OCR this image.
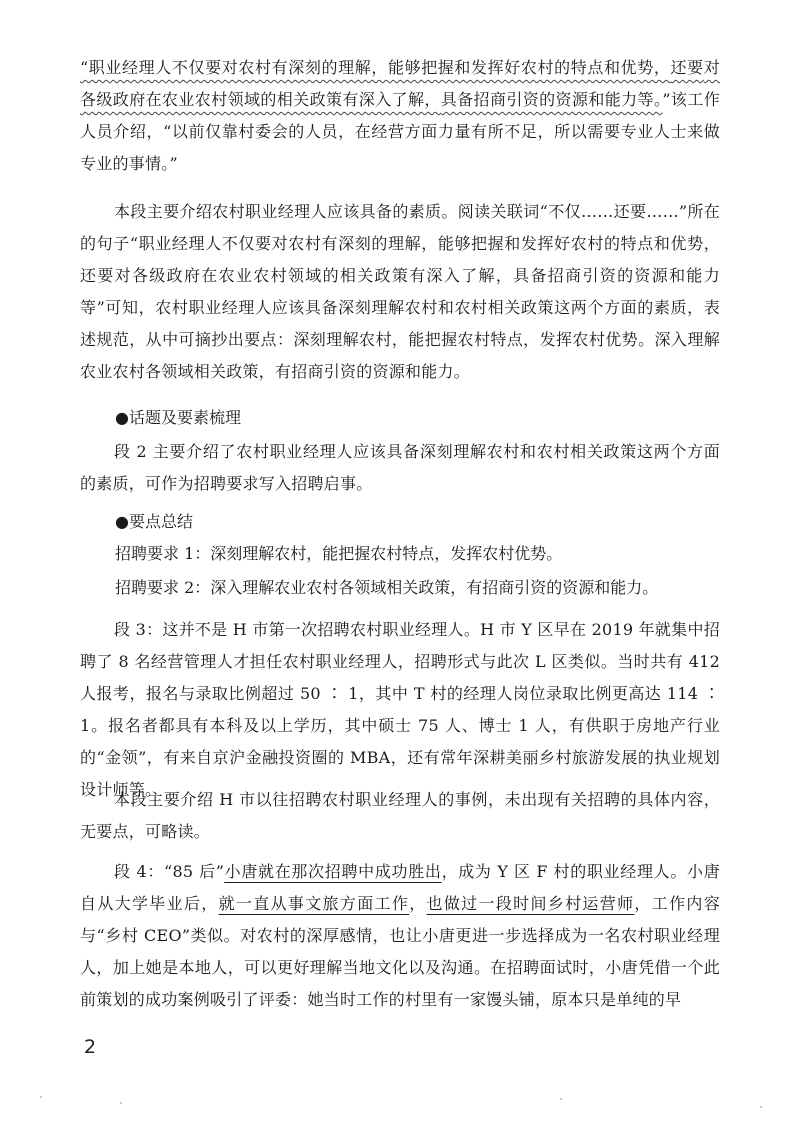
“职业经理人不仅要对农村有深刻的理解，能够把握和发挥好农村的特点和优势，还要对各级政府在农业农村领域的相关政策有深入了解，具备招商引资的资源和能力等。”该工作人员介绍，“以前仅靠村委会的人员，在经营方面力量有所不足，所以需要专业人士来做专业的事情。”

本段主要介绍农村职业经理人应该具备的素质。阅读关联词“不仅……还要……”所在的句子“职业经理人不仅要对农村有深刻的理解，能够把握和发挥好农村的特点和优势，还要对各级政府在农业农村领域的相关政策有深入了解，具备招商引资的资源和能力等”可知，农村职业经理人应该具备深刻理解农村和农村相关政策这两个方面的素质，表述规范，从中可摘抄出要点：深刻理解农村，能把握农村特点，发挥农村优势。深入理解农业农村各领域相关政策，有招商引资的资源和能力。

●话题及要素梳理

段 2 主要介绍了农村职业经理人应该具备深刻理解农村和农村相关政策这两个方面的素质，可作为招聘要求写入招聘启事。

●要点总结

招聘要求 1：深刻理解农村，能把握农村特点，发挥农村优势。

招聘要求 2：深入理解农业农村各领域相关政策，有招商引资的资源和能力。

段 3：这并不是 H 市第一次招聘农村职业经理人。H 市 Y 区早在 2019 年就集中招聘了 8 名经营管理人才担任农村职业经理人，招聘形式与此次 L 区类似。当时共有 412 人报考，报名与录取比例超过 50 ∶ 1，其中 T 村的经理人岗位录取比例更高达 114 ∶ 1。报名者都具有本科及以上学历，其中硕士 75 人、博士 1 人，有供职于房地产行业的“金领”，有来自京沪金融投资圈的 MBA，还有常年深耕美丽乡村旅游发展的执业规划设计师等。

本段主要介绍 H 市以往招聘农村职业经理人的事例，未出现有关招聘的具体内容，无要点，可略读。

段 4：“85 后”小唐就在那次招聘中成功胜出，成为 Y 区 F 村的职业经理人。小唐自从大学毕业后，就一直从事文旅方面工作，也做过一段时间乡村运营师，工作内容与“乡村 CEO”类似。对农村的深厚感情，也让小唐更进一步选择成为一名农村职业经理人，加上她是本地人，可以更好理解当地文化以及沟通。在招聘面试时，小唐凭借一个此前策划的成功案例吸引了评委：她当时工作的村里有一家馒头铺，原本只是单纯的早

2
